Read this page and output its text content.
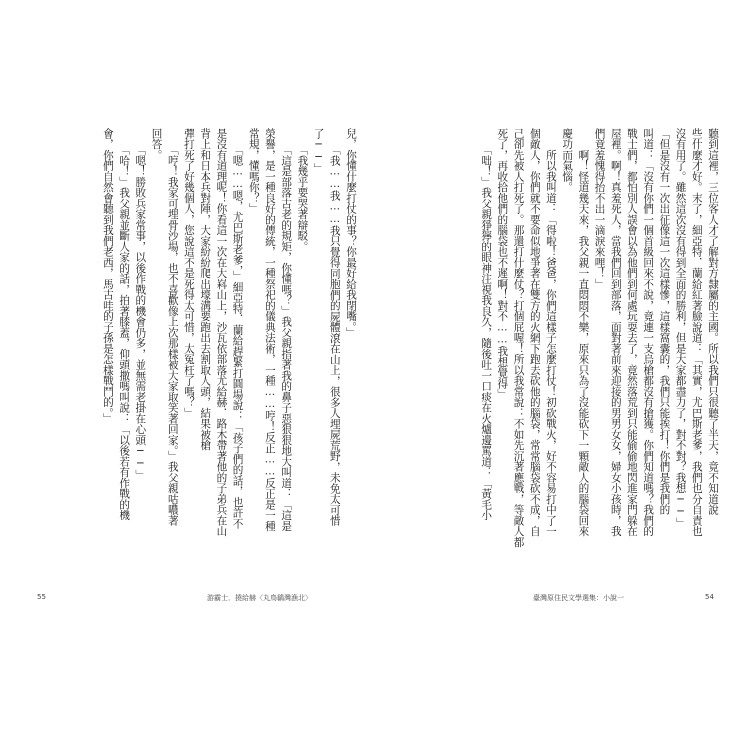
聽到這裡，三位客人才了解對方隸屬的主國。所以我們只很聽了半天，竟不知道說
些什麼才好。末了，細亞特．蘭給紅著臉說道：「其實，尤巴斯老爹，我們也分自責也
沒有用了。雖然這次沒有得到全面的勝利，但是大家都盡力了，對不對？我想──」
「但是沒有一次出征像這一次這樣慘，這樣窩囊的，我們只能挨打！你們是我們的
叫道：「沒有你們一個首級回來不說，竟連一支烏槍都沒有搶獲。你們知道嗎？我們的
戰士們，都怕別人誤會以為他們到何處玩耍去了，竟然落荒到只能偷偷地閃進家門躲在
屋裡。啊！真羞死人，當我們回到部落，面對著前來迎接的男男女女，婦女小孩時，我
們竟羞愧得抬不出一滴淚來哩！」
　　啊！怪道幾天來，我父親一直悶悶不樂，原來只為了沒能砍下一顆敵人的腦袋回來
慶功而氣惱。
　　所以我叫道：「得啦！爸爸，你們這樣子怎麼打仗！初砍戰火，好不容易打中了一
個敵人，你們就不要命似地爭著在雙方的火網下跑去砍他的腦袋，常常腦袋砍不成，自
己卻先被人打死了。那還打什麼仗？打個屁喔！所以我常說：不如先沉著應戰，等敵人都
死了，再收拾他們的腦袋也不遲啊！對不……我想覺得」
　　「咄！」我父親猙獰的眼神注視我良久，隨後吐一口痰在火爐邊罵道：「黃毛小
兒，你懂什麼打仗的事？你最好給我閉嘴。」
　　「我……我……我只覺得同胞們的屍體滾在山上，很多人埋屍荒野，未免太可惜
了──」
　　「我幾乎要哭著辯駁。
　　「這是部落古老的規矩，你懂嗎？」我父親指著我的鼻子惡狠狠地大叫道：「這是
榮譽，是一種良好的傳統，一種祭祀的儀典法術，一種……哼！反正……反正是一種
常規，懂嗎你？」
　　「嗯……嗯，尤巴斯老爹，」細亞特．蘭給趕緊打圓場說：「孩子們的話，也許不
是沒有道理呢！你看這一次在大嵙山上，沙瓦依部落尤給赫．路木帶著他的子弟兵在山
背上和日本兵對陣，大家紛紛爬出壕溝要跑出去割取人頭，結果被槍
彈打死了好幾個人，您說這不是死得太可惜，太冤枉了嗎？」
　　「哼！我家可埋骨沙場，也不喜歡像上次那樣被大家取笑著回家。」我父親咕噥著
回答。
　　「嗯！勝敗兵家常事，以後作戰的機會仍多，並無需老掛在心頭──」
　　「哈！」我父親並斷人家的話，拍著膝蓋，仰頭撒嗎叫說：「以後若有作戰的機
會，你們自然會聽到我們老西，馬古哇的子孫是怎樣戰鬥的。」
55	游霸士．撓給赫〈丸鳥鶲灣漁北〉	臺灣原住民文學選集：小說一	54
